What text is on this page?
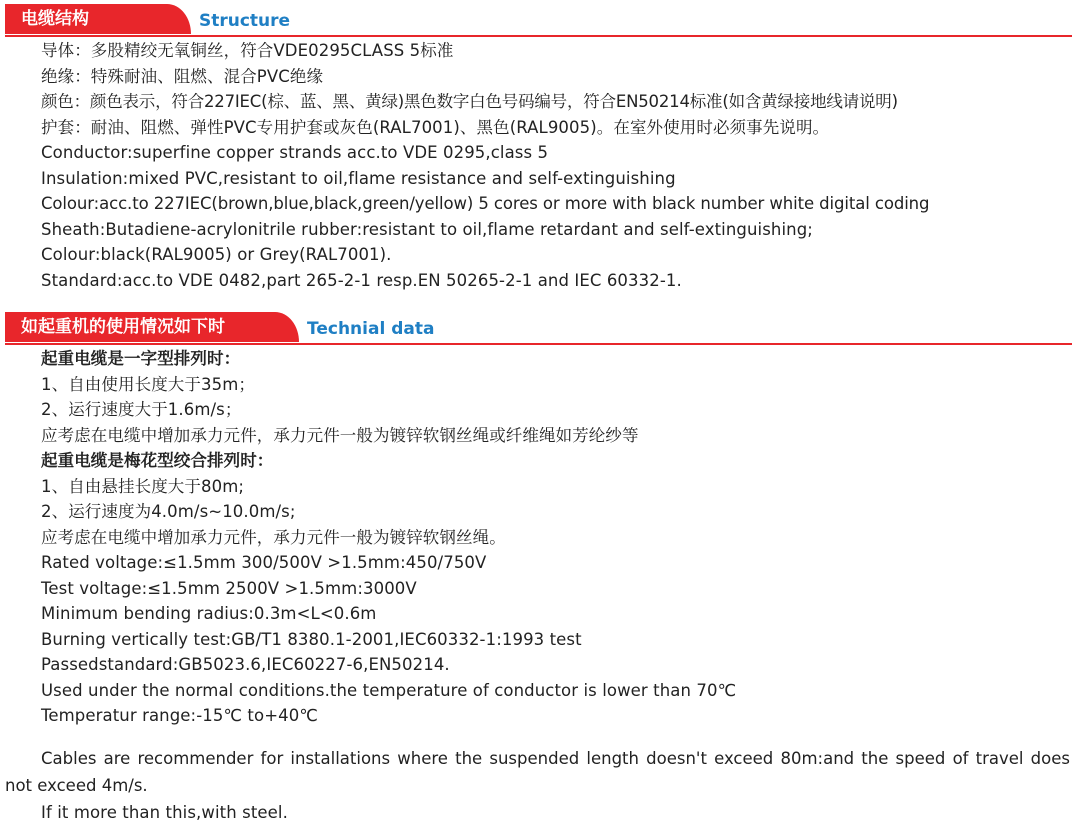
电缆结构	Structure
导体：多股精绞无氧铜丝，符合VDE0295CLASS 5标准
绝缘：特殊耐油、阻燃、混合PVC绝缘
颜色：颜色表示，符合227IEC(棕、蓝、黑、黄绿)黑色数字白色号码编号，符合EN50214标准(如含黄绿接地线请说明)
护套：耐油、阻燃、弹性PVC专用护套或灰色(RAL7001)、黑色(RAL9005)。在室外使用时必须事先说明。
Conductor:superfine copper strands acc.to VDE 0295,class 5
Insulation:mixed PVC,resistant to oil,flame resistance and self-extinguishing
Colour:acc.to 227IEC(brown,blue,black,green/yellow) 5 cores or more with black number white digital coding
Sheath:Butadiene-acrylonitrile rubber:resistant to oil,flame retardant and self-extinguishing;
Colour:black(RAL9005) or Grey(RAL7001).
Standard:acc.to VDE 0482,part 265-2-1 resp.EN 50265-2-1 and IEC 60332-1.
如起重机的使用情况如下时	Technial data
起重电缆是一字型排列时：
1、自由使用长度大于35m；
2、运行速度大于1.6m/s；
应考虑在电缆中增加承力元件，承力元件一般为镀锌软钢丝绳或纤维绳如芳纶纱等
起重电缆是梅花型绞合排列时：
1、自由悬挂长度大于80m;
2、运行速度为4.0m/s~10.0m/s;
应考虑在电缆中增加承力元件，承力元件一般为镀锌软钢丝绳。
Rated voltage:≤1.5mm 300/500V >1.5mm:450/750V
Test voltage:≤1.5mm 2500V >1.5mm:3000V
Minimum bending radius:0.3m<L<0.6m
Burning vertically test:GB/T1 8380.1-2001,IEC60332-1:1993 test
Passedstandard:GB5023.6,IEC60227-6,EN50214.
Used under the normal conditions.the temperature of conductor is lower than 70℃
Temperatur range:-15℃ to+40℃
Cables are recommender for installations where the suspended length doesn't exceed 80m:and the speed of travel does not exceed 4m/s.
If it more than this,with steel.
